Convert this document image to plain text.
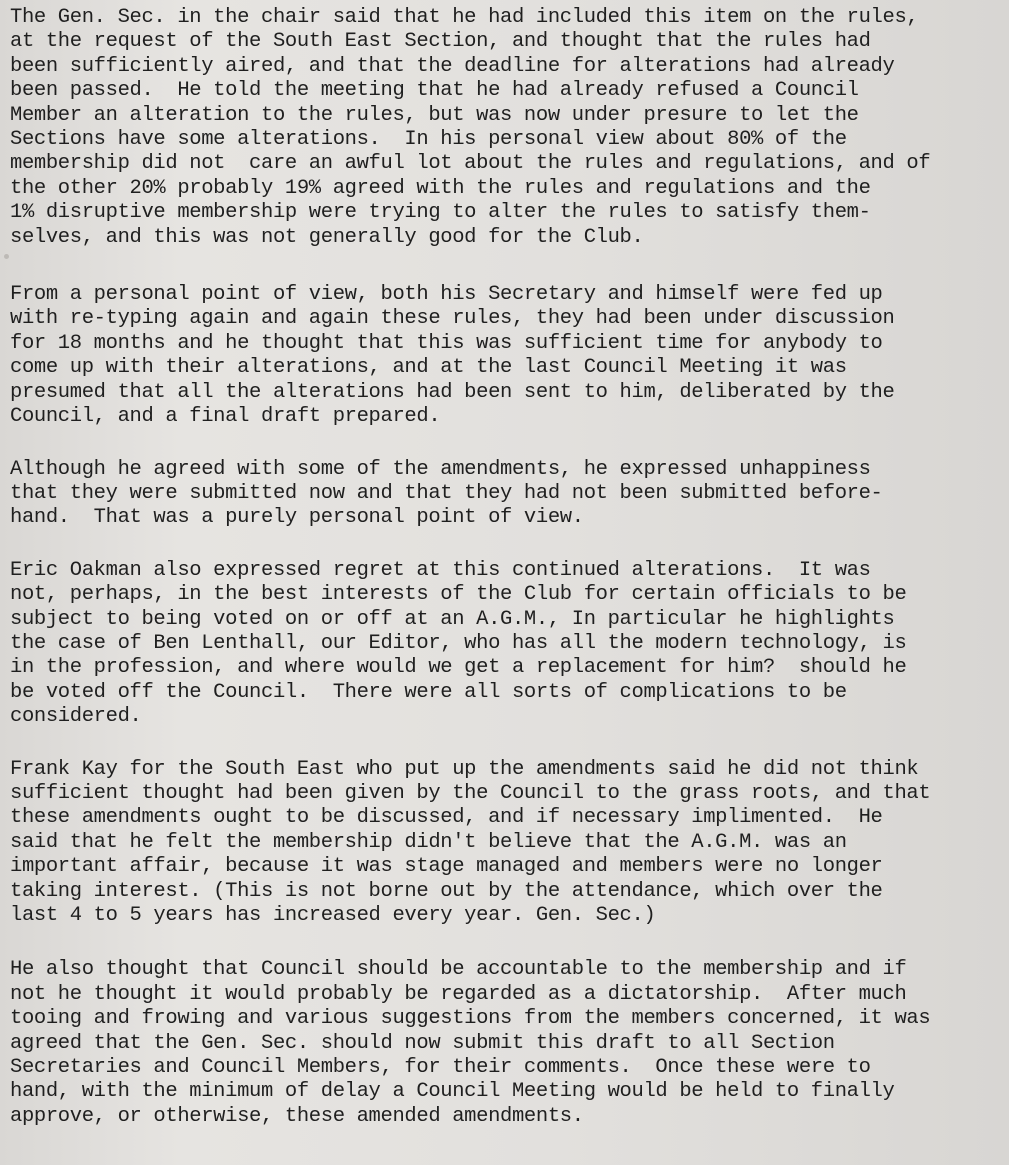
The Gen. Sec. in the chair said that he had included this item on the rules,
at the request of the South East Section, and thought that the rules had
been sufficiently aired, and that the deadline for alterations had already
been passed.  He told the meeting that he had already refused a Council
Member an alteration to the rules, but was now under presure to let the
Sections have some alterations.  In his personal view about 80% of the
membership did not  care an awful lot about the rules and regulations, and of
the other 20% probably 19% agreed with the rules and regulations and the
1% disruptive membership were trying to alter the rules to satisfy them-
selves, and this was not generally good for the Club.

From a personal point of view, both his Secretary and himself were fed up
with re-typing again and again these rules, they had been under discussion
for 18 months and he thought that this was sufficient time for anybody to
come up with their alterations, and at the last Council Meeting it was
presumed that all the alterations had been sent to him, deliberated by the
Council, and a final draft prepared.

Although he agreed with some of the amendments, he expressed unhappiness
that they were submitted now and that they had not been submitted before-
hand.  That was a purely personal point of view.

Eric Oakman also expressed regret at this continued alterations.  It was
not, perhaps, in the best interests of the Club for certain officials to be
subject to being voted on or off at an A.G.M., In particular he highlights
the case of Ben Lenthall, our Editor, who has all the modern technology, is
in the profession, and where would we get a replacement for him?  should he
be voted off the Council.  There were all sorts of complications to be
considered.

Frank Kay for the South East who put up the amendments said he did not think
sufficient thought had been given by the Council to the grass roots, and that
these amendments ought to be discussed, and if necessary implimented.  He
said that he felt the membership didn't believe that the A.G.M. was an
important affair, because it was stage managed and members were no longer
taking interest. (This is not borne out by the attendance, which over the
last 4 to 5 years has increased every year. Gen. Sec.)

He also thought that Council should be accountable to the membership and if
not he thought it would probably be regarded as a dictatorship.  After much
tooing and frowing and various suggestions from the members concerned, it was
agreed that the Gen. Sec. should now submit this draft to all Section
Secretaries and Council Members, for their comments.  Once these were to
hand, with the minimum of delay a Council Meeting would be held to finally
approve, or otherwise, these amended amendments.
